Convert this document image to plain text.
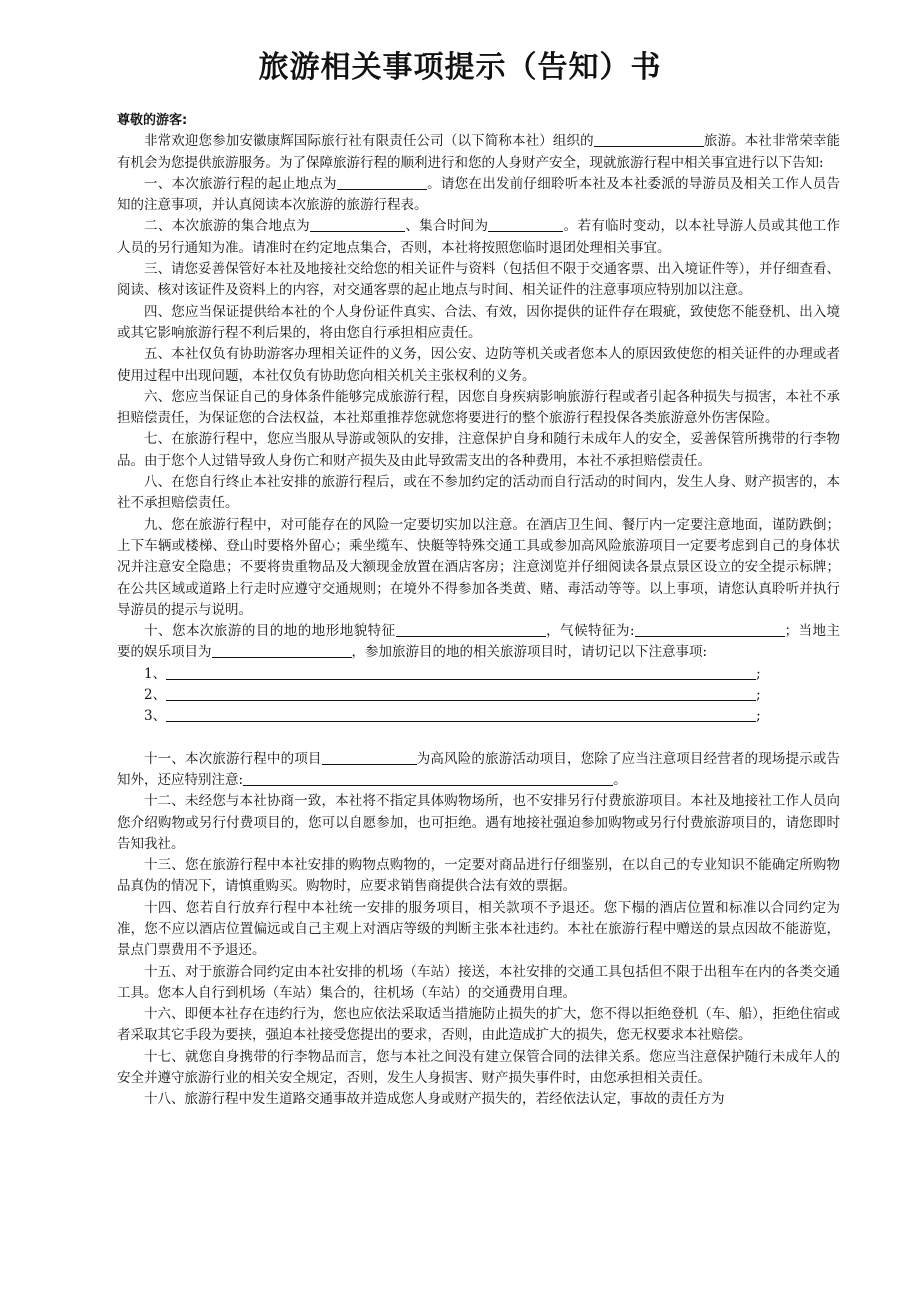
旅游相关事项提示（告知）书

尊敬的游客:

非常欢迎您参加安徽康辉国际旅行社有限责任公司（以下简称本社）组织的	旅游。本社非常荣幸能有机会为您提供旅游服务。为了保障旅游行程的顺利进行和您的人身财产安全，现就旅游行程中相关事宜进行以下告知:

一、本次旅游行程的起止地点为	。请您在出发前仔细聆听本社及本社委派的导游员及相关工作人员告知的注意事项，并认真阅读本次旅游的旅游行程表。

二、本次旅游的集合地点为	、集合时间为	。若有临时变动，以本社导游人员或其他工作人员的另行通知为准。请准时在约定地点集合，否则，本社将按照您临时退团处理相关事宜。

三、请您妥善保管好本社及地接社交给您的相关证件与资料（包括但不限于交通客票、出入境证件等），并仔细查看、阅读、核对该证件及资料上的内容，对交通客票的起止地点与时间、相关证件的注意事项应特别加以注意。

四、您应当保证提供给本社的个人身份证件真实、合法、有效，因你提供的证件存在瑕疵，致使您不能登机、出入境或其它影响旅游行程不利后果的，将由您自行承担相应责任。

五、本社仅负有协助游客办理相关证件的义务，因公安、边防等机关或者您本人的原因致使您的相关证件的办理或者使用过程中出现问题，本社仅负有协助您向相关机关主张权利的义务。

六、您应当保证自己的身体条件能够完成旅游行程，因您自身疾病影响旅游行程或者引起各种损失与损害，本社不承担赔偿责任，为保证您的合法权益，本社郑重推荐您就您将要进行的整个旅游行程投保各类旅游意外伤害保险。

七、在旅游行程中，您应当服从导游或领队的安排，注意保护自身和随行未成年人的安全，妥善保管所携带的行李物品。由于您个人过错导致人身伤亡和财产损失及由此导致需支出的各种费用，本社不承担赔偿责任。

八、在您自行终止本社安排的旅游行程后，或在不参加约定的活动而自行活动的时间内，发生人身、财产损害的，本社不承担赔偿责任。

九、您在旅游行程中，对可能存在的风险一定要切实加以注意。在酒店卫生间、餐厅内一定要注意地面，谨防跌倒；上下车辆或楼梯、登山时要格外留心；乘坐缆车、快艇等特殊交通工具或参加高风险旅游项目一定要考虑到自己的身体状况并注意安全隐患；不要将贵重物品及大额现金放置在酒店客房；注意浏览并仔细阅读各景点景区设立的安全提示标牌；在公共区域或道路上行走时应遵守交通规则；在境外不得参加各类黄、赌、毒活动等等。以上事项，请您认真聆听并执行导游员的提示与说明。

十、您本次旅游的目的地的地形地貌特征	，气候特征为:	；当地主要的娱乐项目为	，参加旅游目的地的相关旅游项目时，请切记以下注意事项:

1、	;

2、	;

3、	;

十一、本次旅游行程中的项目	为高风险的旅游活动项目，您除了应当注意项目经营者的现场提示或告知外，还应特别注意:	。

十二、未经您与本社协商一致，本社将不指定具体购物场所，也不安排另行付费旅游项目。本社及地接社工作人员向您介绍购物或另行付费项目的，您可以自愿参加，也可拒绝。遇有地接社强迫参加购物或另行付费旅游项目的，请您即时告知我社。

十三、您在旅游行程中本社安排的购物点购物的，一定要对商品进行仔细鉴别，在以自己的专业知识不能确定所购物品真伪的情况下，请慎重购买。购物时，应要求销售商提供合法有效的票据。

十四、您若自行放弃行程中本社统一安排的服务项目，相关款项不予退还。您下榻的酒店位置和标准以合同约定为准，您不应以酒店位置偏远或自己主观上对酒店等级的判断主张本社违约。本社在旅游行程中赠送的景点因故不能游览，景点门票费用不予退还。

十五、对于旅游合同约定由本社安排的机场（车站）接送，本社安排的交通工具包括但不限于出租车在内的各类交通工具。您本人自行到机场（车站）集合的，往机场（车站）的交通费用自理。

十六、即便本社存在违约行为，您也应依法采取适当措施防止损失的扩大，您不得以拒绝登机（车、船），拒绝住宿或者采取其它手段为要挟，强迫本社接受您提出的要求，否则，由此造成扩大的损失，您无权要求本社赔偿。

十七、就您自身携带的行李物品而言，您与本社之间没有建立保管合同的法律关系。您应当注意保护随行未成年人的安全并遵守旅游行业的相关安全规定，否则，发生人身损害、财产损失事件时，由您承担相关责任。

十八、旅游行程中发生道路交通事故并造成您人身或财产损失的，若经依法认定，事故的责任方为
